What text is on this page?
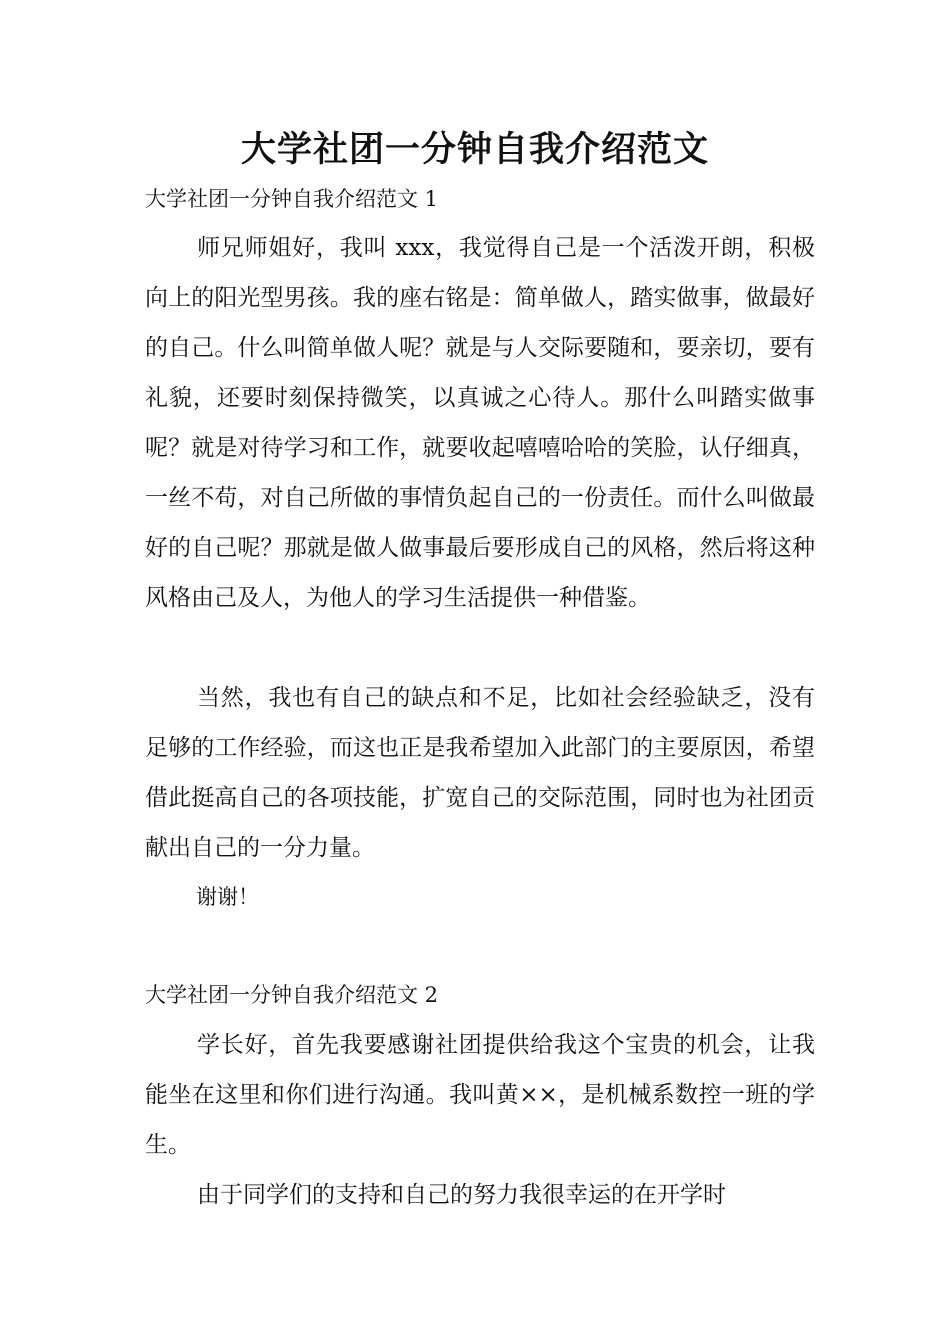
大学社团一分钟自我介绍范文

大学社团一分钟自我介绍范文 1

师兄师姐好，我叫 xxx，我觉得自己是一个活泼开朗，积极向上的阳光型男孩。我的座右铭是：简单做人，踏实做事，做最好的自己。什么叫简单做人呢？就是与人交际要随和，要亲切，要有礼貌，还要时刻保持微笑，以真诚之心待人。那什么叫踏实做事呢？就是对待学习和工作，就要收起嘻嘻哈哈的笑脸，认仔细真，一丝不苟，对自己所做的事情负起自己的一份责任。而什么叫做最好的自己呢？那就是做人做事最后要形成自己的风格，然后将这种风格由己及人，为他人的学习生活提供一种借鉴。

当然，我也有自己的缺点和不足，比如社会经验缺乏，没有足够的工作经验，而这也正是我希望加入此部门的主要原因，希望借此挺高自己的各项技能，扩宽自己的交际范围，同时也为社团贡献出自己的一分力量。

谢谢！

大学社团一分钟自我介绍范文 2

学长好，首先我要感谢社团提供给我这个宝贵的机会，让我能坐在这里和你们进行沟通。我叫黄××，是机械系数控一班的学生。

由于同学们的支持和自己的努力我很幸运的在开学时
